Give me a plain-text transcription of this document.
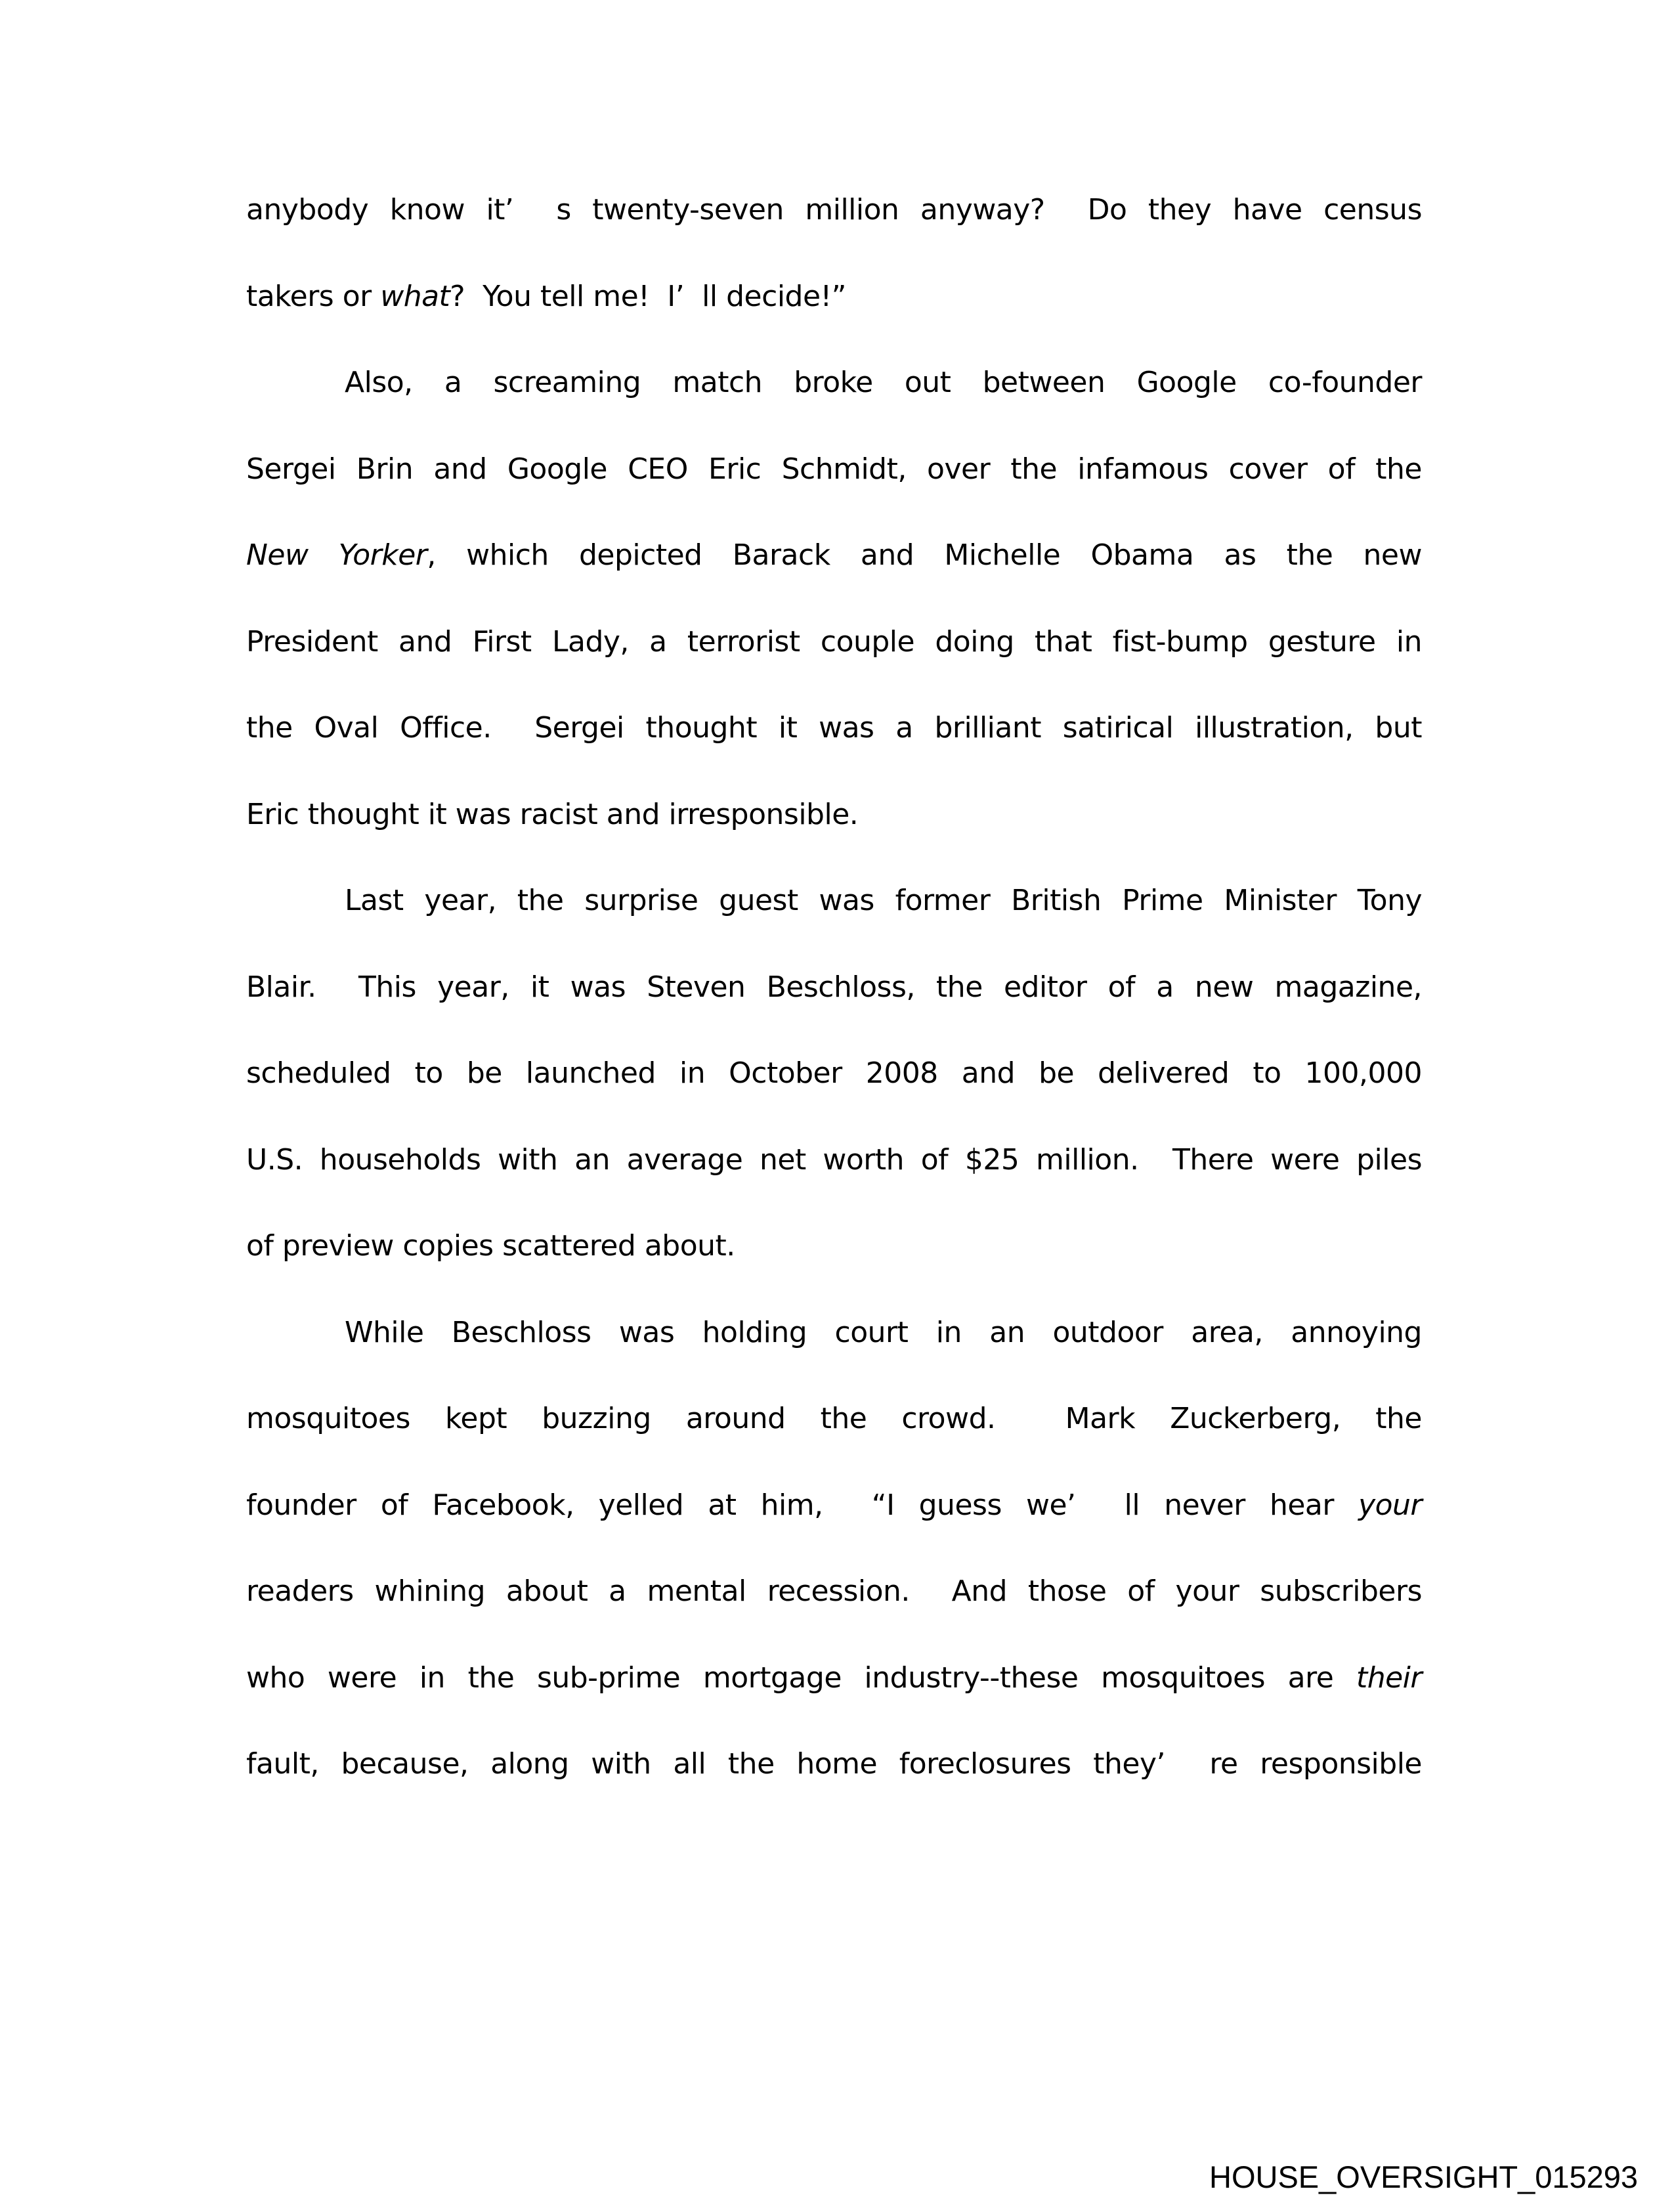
anybody know it’  s twenty-seven million anyway?  Do they have census
takers or what?  You tell me!  I’  ll decide!”
Also, a screaming match broke out between Google co-founder
Sergei Brin and Google CEO Eric Schmidt, over the infamous cover of the
New Yorker, which depicted Barack and Michelle Obama as the new
President and First Lady, a terrorist couple doing that fist-bump gesture in
the Oval Office.  Sergei thought it was a brilliant satirical illustration, but
Eric thought it was racist and irresponsible.
Last year, the surprise guest was former British Prime Minister Tony
Blair.  This year, it was Steven Beschloss, the editor of a new magazine,
scheduled to be launched in October 2008 and be delivered to 100,000
U.S. households with an average net worth of $25 million.  There were piles
of preview copies scattered about.
While Beschloss was holding court in an outdoor area, annoying
mosquitoes kept buzzing around the crowd.  Mark Zuckerberg, the
founder of Facebook, yelled at him,  “I guess we’  ll never hear your
readers whining about a mental recession.  And those of your subscribers
who were in the sub-prime mortgage industry--these mosquitoes are their
fault, because, along with all the home foreclosures they’  re responsible
HOUSE_OVERSIGHT_015293
